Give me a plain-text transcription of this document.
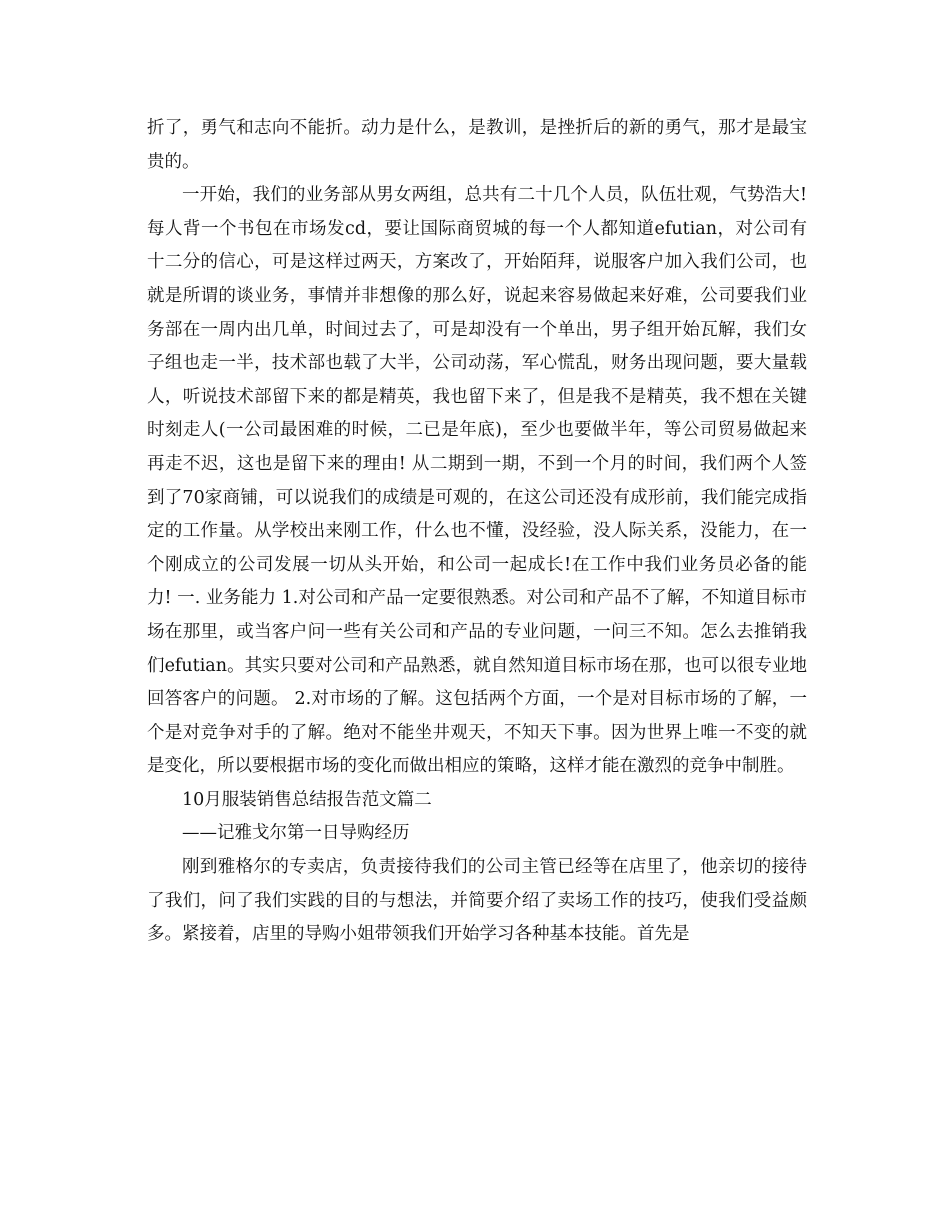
折了，勇气和志向不能折。动力是什么，是教训，是挫折后的新的勇气，那才是最宝贵的。

一开始，我们的业务部从男女两组，总共有二十几个人员，队伍壮观，气势浩大!每人背一个书包在市场发cd，要让国际商贸城的每一个人都知道efutian，对公司有十二分的信心，可是这样过两天，方案改了，开始陌拜，说服客户加入我们公司，也就是所谓的谈业务，事情并非想像的那么好，说起来容易做起来好难，公司要我们业务部在一周内出几单，时间过去了，可是却没有一个单出，男子组开始瓦解，我们女子组也走一半，技术部也载了大半，公司动荡，军心慌乱，财务出现问题，要大量载人，听说技术部留下来的都是精英，我也留下来了，但是我不是精英，我不想在关键时刻走人(一公司最困难的时候，二已是年底)，至少也要做半年，等公司贸易做起来再走不迟，这也是留下来的理由! 从二期到一期，不到一个月的时间，我们两个人签到了70家商铺，可以说我们的成绩是可观的，在这公司还没有成形前，我们能完成指定的工作量。从学校出来刚工作，什么也不懂，没经验，没人际关系，没能力，在一个刚成立的公司发展一切从头开始，和公司一起成长!在工作中我们业务员必备的能力! 一. 业务能力 1.对公司和产品一定要很熟悉。对公司和产品不了解，不知道目标市场在那里，或当客户问一些有关公司和产品的专业问题，一问三不知。怎么去推销我们efutian。其实只要对公司和产品熟悉，就自然知道目标市场在那，也可以很专业地回答客户的问题。 2.对市场的了解。这包括两个方面，一个是对目标市场的了解，一个是对竞争对手的了解。绝对不能坐井观天，不知天下事。因为世界上唯一不变的就是变化，所以要根据市场的变化而做出相应的策略，这样才能在激烈的竞争中制胜。

10月服装销售总结报告范文篇二

——记雅戈尔第一日导购经历

刚到雅格尔的专卖店，负责接待我们的公司主管已经等在店里了，他亲切的接待了我们，问了我们实践的目的与想法，并简要介绍了卖场工作的技巧，使我们受益颇多。紧接着，店里的导购小姐带领我们开始学习各种基本技能。首先是
